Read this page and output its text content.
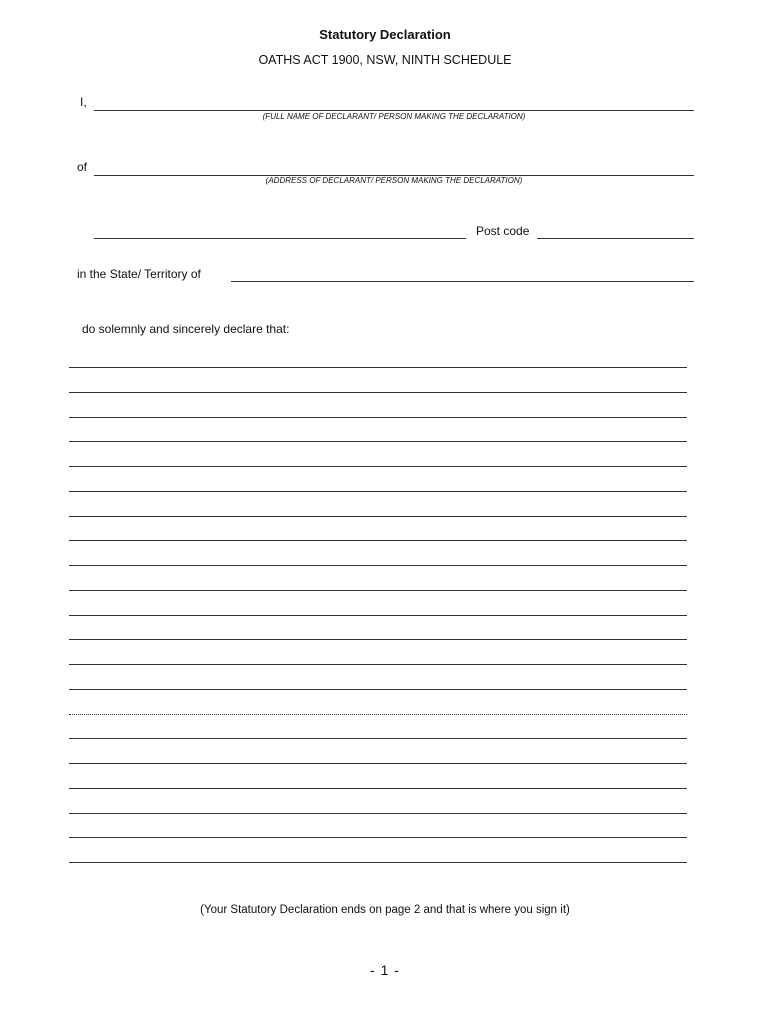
Statutory Declaration
OATHS ACT 1900, NSW, NINTH SCHEDULE
I,
(FULL NAME OF DECLARANT/ PERSON MAKING THE DECLARATION)
of
(ADDRESS OF DECLARANT/ PERSON MAKING THE DECLARATION)
Post code
in the State/ Territory of
do solemnly and sincerely declare that:
(Your Statutory Declaration ends on page 2 and that is where you sign it)
- 1 -
